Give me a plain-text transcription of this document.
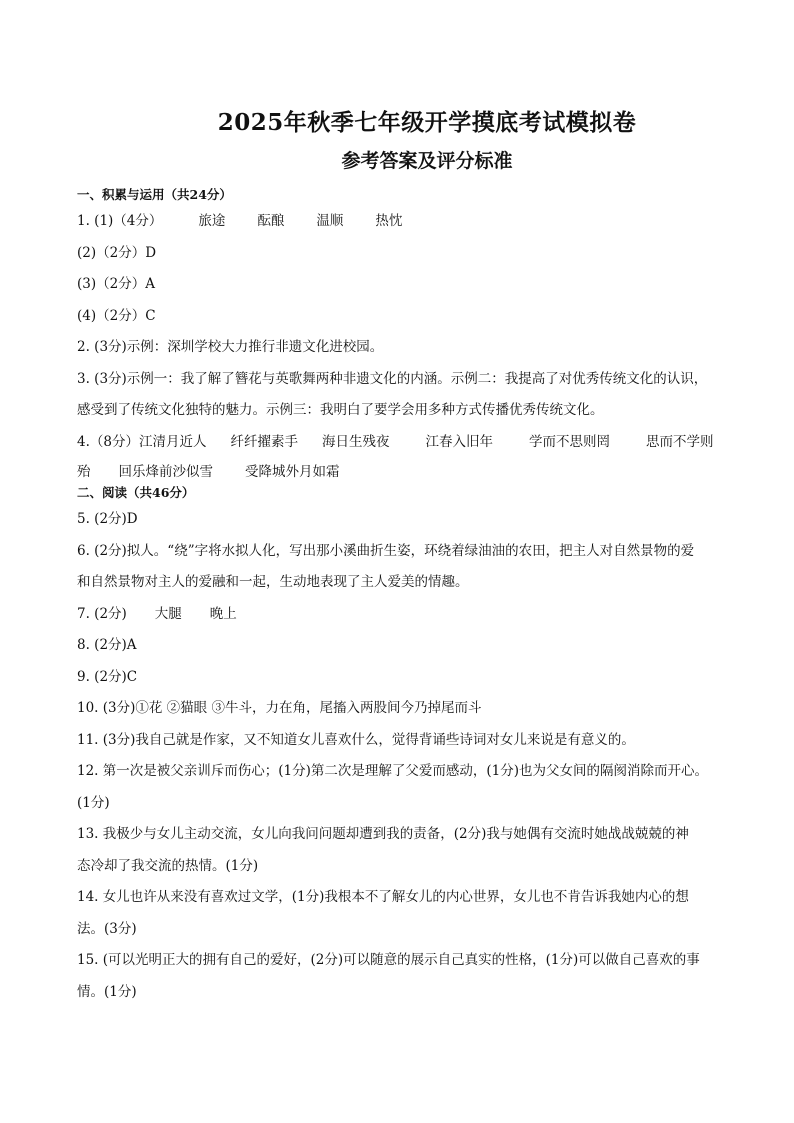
2025年秋季七年级开学摸底考试模拟卷
参考答案及评分标准
一、积累与运用（共24分）
1. (1)（4分）	旅途 酝酿 温顺 热忱
(2)（2分）D
(3)（2分）A
(4)（2分）C
2. (3分)示例：深圳学校大力推行非遗文化进校园。
3. (3分)示例一：我了解了簪花与英歌舞两种非遗文化的内涵。示例二：我提高了对优秀传统文化的认识，
感受到了传统文化独特的魅力。示例三：我明白了要学会用多种方式传播优秀传统文化。
4.（8分）江清月近人 纤纤擢素手 海日生残夜	江春入旧年	学而不思则罔	思而不学则
殆 回乐烽前沙似雪 受降城外月如霜
二、阅读（共46分）
5. (2分)D
6. (2分)拟人。“绕”字将水拟人化，写出那小溪曲折生姿，环绕着绿油油的农田，把主人对自然景物的爱
和自然景物对主人的爱融和一起，生动地表现了主人爱美的情趣。
7. (2分) 大腿 晚上
8. (2分)A
9. (2分)C
10. (3分)①花 ②猫眼 ③牛斗，力在角，尾搐入两股间今乃掉尾而斗
11. (3分)我自己就是作家，又不知道女儿喜欢什么，觉得背诵些诗词对女儿来说是有意义的。
12. 第一次是被父亲训斥而伤心；(1分)第二次是理解了父爱而感动，(1分)也为父女间的隔阂消除而开心。
(1分)
13. 我极少与女儿主动交流，女儿向我问问题却遭到我的责备，(2分)我与她偶有交流时她战战兢兢的神
态冷却了我交流的热情。(1分)
14. 女儿也许从来没有喜欢过文学，(1分)我根本不了解女儿的内心世界，女儿也不肯告诉我她内心的想
法。(3分)
15. (可以光明正大的拥有自己的爱好，(2分)可以随意的展示自己真实的性格，(1分)可以做自己喜欢的事
情。(1分)
